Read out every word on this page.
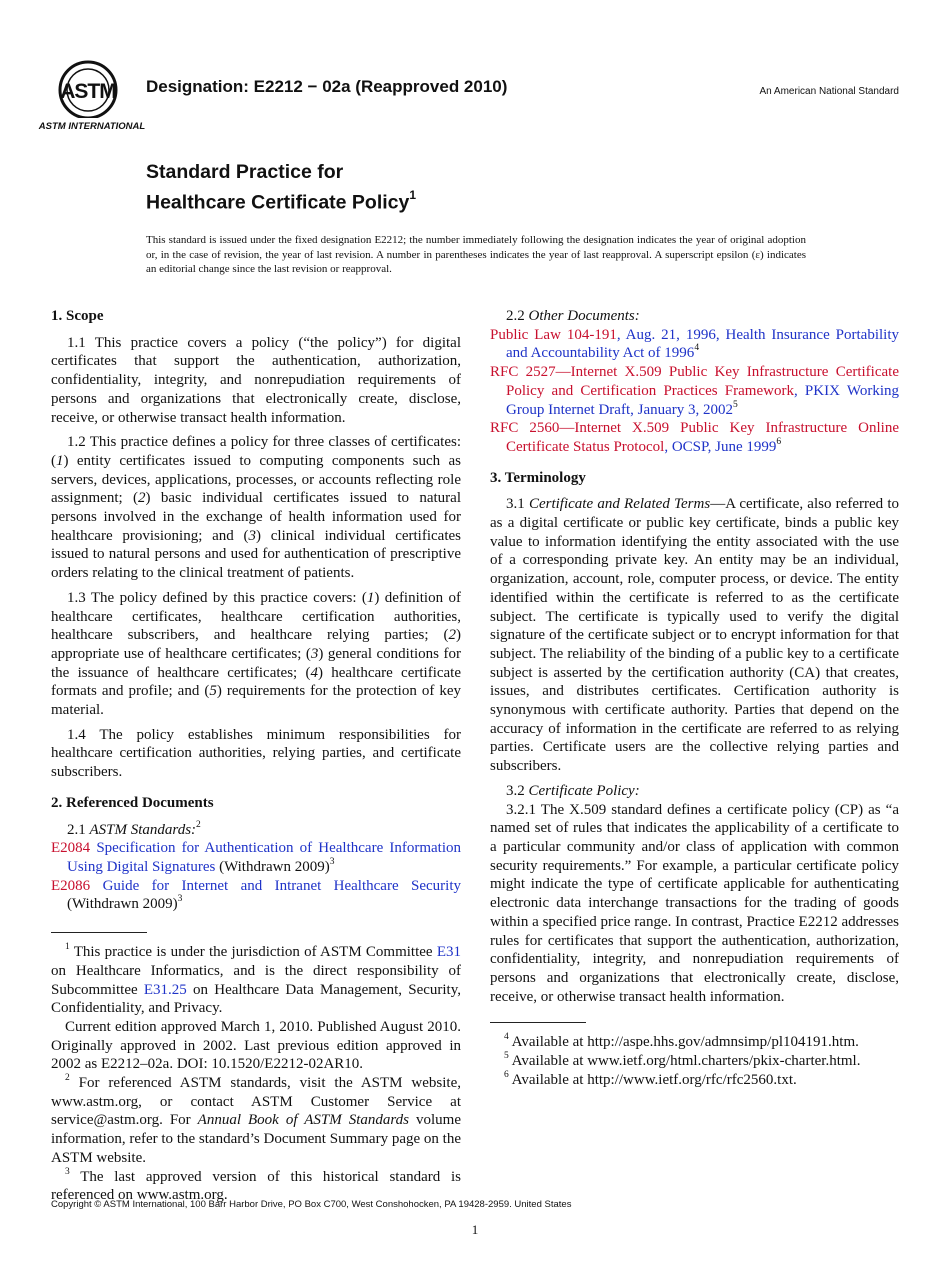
ASTM
ASTM INTERNATIONAL
Designation: E2212 − 02a (Reapproved 2010)	An American National Standard
Standard Practice for
Healthcare Certificate Policy$^1$
This standard is issued under the fixed designation E2212; the number immediately following the designation indicates the year of original adoption or, in the case of revision, the year of last revision. A number in parentheses indicates the year of last reapproval. A superscript epsilon (ε) indicates an editorial change since the last revision or reapproval.
1. Scope

1.1 This practice covers a policy (“the policy”) for digital certificates that support the authentication, authorization, confidentiality, integrity, and nonrepudiation requirements of persons and organizations that electronically create, disclose, receive, or otherwise transact health information.

1.2 This practice defines a policy for three classes of certificates: (1) entity certificates issued to computing components such as servers, devices, applications, processes, or accounts reflecting role assignment; (2) basic individual certificates issued to natural persons involved in the exchange of health information used for healthcare provisioning; and (3) clinical individual certificates issued to natural persons and used for authentication of prescriptive orders relating to the clinical treatment of patients.

1.3 The policy defined by this practice covers: (1) definition of healthcare certificates, healthcare certification authorities, healthcare subscribers, and healthcare relying parties; (2) appropriate use of healthcare certificates; (3) general conditions for the issuance of healthcare certificates; (4) healthcare certificate formats and profile; and (5) requirements for the protection of key material.

1.4 The policy establishes minimum responsibilities for healthcare certification authorities, relying parties, and certificate subscribers.

2. Referenced Documents

2.1 ASTM Standards:$^2$

E2084 Specification for Authentication of Healthcare Information Using Digital Signatures (Withdrawn 2009)$^3$

E2086 Guide for Internet and Intranet Healthcare Security (Withdrawn 2009)$^3$

$^1$ This practice is under the jurisdiction of ASTM Committee E31 on Healthcare Informatics, and is the direct responsibility of Subcommittee E31.25 on Healthcare Data Management, Security, Confidentiality, and Privacy.

Current edition approved March 1, 2010. Published August 2010. Originally approved in 2002. Last previous edition approved in 2002 as E2212–02a. DOI: 10.1520/E2212-02AR10.

$^2$ For referenced ASTM standards, visit the ASTM website, www.astm.org, or contact ASTM Customer Service at service@astm.org. For Annual Book of ASTM Standards volume information, refer to the standard’s Document Summary page on the ASTM website.

$^3$ The last approved version of this historical standard is referenced on www.astm.org.

2.2 Other Documents:

Public Law 104-191, Aug. 21, 1996, Health Insurance Portability and Accountability Act of 1996$^4$

RFC 2527—Internet X.509 Public Key Infrastructure Certificate Policy and Certification Practices Framework, PKIX Working Group Internet Draft, January 3, 2002$^5$

RFC 2560—Internet X.509 Public Key Infrastructure Online Certificate Status Protocol, OCSP, June 1999$^6$

3. Terminology

3.1 Certificate and Related Terms—A certificate, also referred to as a digital certificate or public key certificate, binds a public key value to information identifying the entity associated with the use of a corresponding private key. An entity may be an individual, organization, account, role, computer process, or device. The entity identified within the certificate is referred to as the certificate subject. The certificate is typically used to verify the digital signature of the certificate subject or to encrypt information for that subject. The reliability of the binding of a public key to a certificate subject is asserted by the certification authority (CA) that creates, issues, and distributes certificates. Certification authority is synonymous with certificate authority. Parties that depend on the accuracy of information in the certificate are referred to as relying parties. Certificate users are the collective relying parties and subscribers.

3.2 Certificate Policy:

3.2.1 The X.509 standard defines a certificate policy (CP) as “a named set of rules that indicates the applicability of a certificate to a particular community and/or class of application with common security requirements.” For example, a particular certificate policy might indicate the type of certificate applicable for authenticating electronic data interchange transactions for the trading of goods within a specified price range. In contrast, Practice E2212 addresses rules for certificates that support the authentication, authorization, confidentiality, integrity, and nonrepudiation requirements of persons and organizations that electronically create, disclose, receive, or otherwise transact health information.

$^4$ Available at http://aspe.hhs.gov/admnsimp/pl104191.htm.

$^5$ Available at www.ietf.org/html.charters/pkix-charter.html.

$^6$ Available at http://www.ietf.org/rfc/rfc2560.txt.

Copyright © ASTM International, 100 Barr Harbor Drive, PO Box C700, West Conshohocken, PA 19428-2959. United States
1
